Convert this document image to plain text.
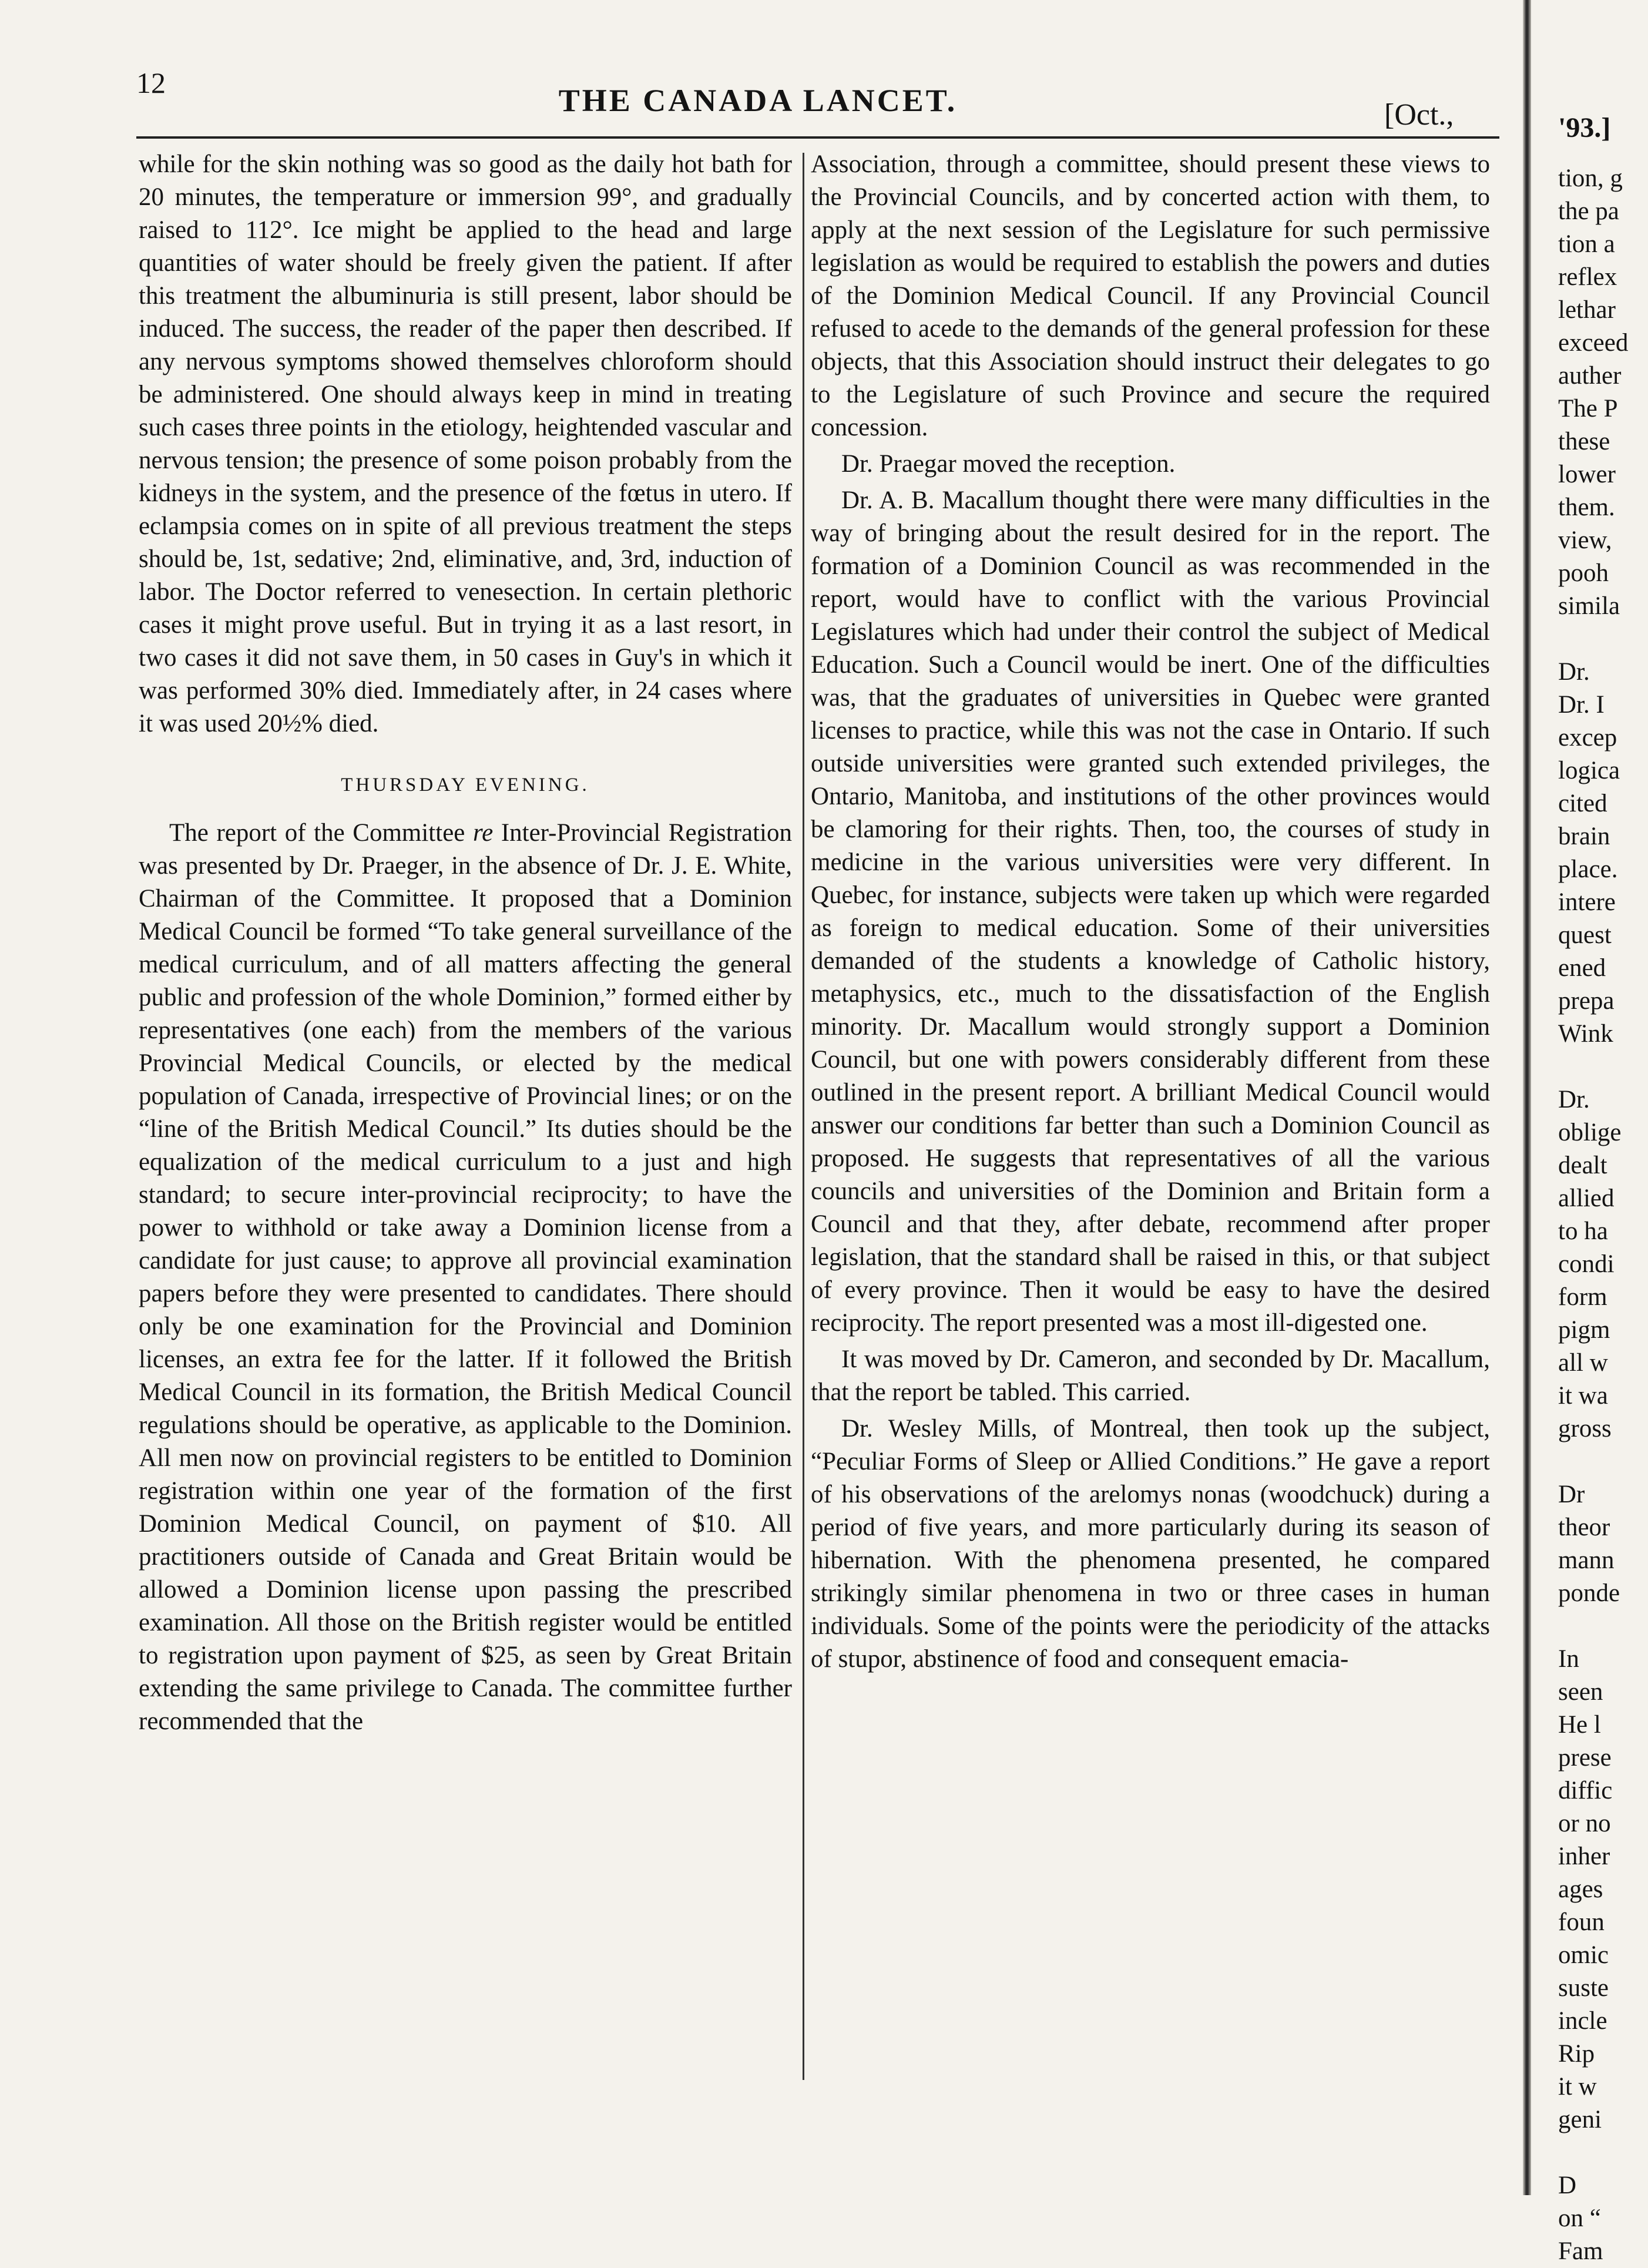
12	THE CANADA LANCET.	[Oct.,

while for the skin nothing was so good as the daily hot bath for 20 minutes, the temperature or immersion 99°, and gradually raised to 112°. Ice might be applied to the head and large quantities of water should be freely given the patient. If after this treatment the albuminuria is still present, labor should be induced. The success, the reader of the paper then described. If any nervous symptoms showed themselves chloroform should be administered. One should always keep in mind in treating such cases three points in the etiology, heightended vascular and nervous tension; the presence of some poison probably from the kidneys in the system, and the presence of the fœtus in utero. If eclampsia comes on in spite of all previous treatment the steps should be, 1st, sedative; 2nd, eliminative, and, 3rd, induction of labor. The Doctor referred to venesection. In certain plethoric cases it might prove useful. But in trying it as a last resort, in two cases it did not save them, in 50 cases in Guy's in which it was performed 30% died. Immediately after, in 24 cases where it was used 20½% died.

THURSDAY EVENING.

The report of the Committee re Inter-Provincial Registration was presented by Dr. Praeger, in the absence of Dr. J. E. White, Chairman of the Committee. It proposed that a Dominion Medical Council be formed “To take general surveillance of the medical curriculum, and of all matters affecting the general public and profession of the whole Dominion,” formed either by representatives (one each) from the members of the various Provincial Medical Councils, or elected by the medical population of Canada, irrespective of Provincial lines; or on the “line of the British Medical Council.” Its duties should be the equalization of the medical curriculum to a just and high standard; to secure inter-provincial reciprocity; to have the power to withhold or take away a Dominion license from a candidate for just cause; to approve all provincial examination papers before they were presented to candidates. There should only be one examination for the Provincial and Dominion licenses, an extra fee for the latter. If it followed the British Medical Council in its formation, the British Medical Council regulations should be operative, as applicable to the Dominion. All men now on provincial registers to be entitled to Dominion registration within one year of the formation of the first Dominion Medical Council, on payment of $10. All practitioners outside of Canada and Great Britain would be allowed a Dominion license upon passing the prescribed examination. All those on the British register would be entitled to registration upon payment of $25, as seen by Great Britain extending the same privilege to Canada. The committee further recommended that the

Association, through a committee, should present these views to the Provincial Councils, and by concerted action with them, to apply at the next session of the Legislature for such permissive legislation as would be required to establish the powers and duties of the Dominion Medical Council. If any Provincial Council refused to acede to the demands of the general profession for these objects, that this Association should instruct their delegates to go to the Legislature of such Province and secure the required concession.

Dr. Praegar moved the reception.

Dr. A. B. Macallum thought there were many difficulties in the way of bringing about the result desired for in the report. The formation of a Dominion Council as was recommended in the report, would have to conflict with the various Provincial Legislatures which had under their control the subject of Medical Education. Such a Council would be inert. One of the difficulties was, that the graduates of universities in Quebec were granted licenses to practice, while this was not the case in Ontario. If such outside universities were granted such extended privileges, the Ontario, Manitoba, and institutions of the other provinces would be clamoring for their rights. Then, too, the courses of study in medicine in the various universities were very different. In Quebec, for instance, subjects were taken up which were regarded as foreign to medical education. Some of their universities demanded of the students a knowledge of Catholic history, metaphysics, etc., much to the dissatisfaction of the English minority. Dr. Macallum would strongly support a Dominion Council, but one with powers considerably different from these outlined in the present report. A brilliant Medical Council would answer our conditions far better than such a Dominion Council as proposed. He suggests that representatives of all the various councils and universities of the Dominion and Britain form a Council and that they, after debate, recommend after proper legislation, that the standard shall be raised in this, or that subject of every province. Then it would be easy to have the desired reciprocity. The report presented was a most ill-digested one.

It was moved by Dr. Cameron, and seconded by Dr. Macallum, that the report be tabled. This carried.

Dr. Wesley Mills, of Montreal, then took up the subject, “Peculiar Forms of Sleep or Allied Conditions.” He gave a report of his observations of the arelomys nonas (woodchuck) during a period of five years, and more particularly during its season of hibernation. With the phenomena presented, he compared strikingly similar phenomena in two or three cases in human individuals. Some of the points were the periodicity of the attacks of stupor, abstinence of food and consequent emacia-

'93.]
tion, g
the pa
tion a
reflex
lethar
exceed
auther
The P
these
lower
them.
view,
pooh
simila

Dr.
Dr. I
excep
logica
cited
brain
place.
intere
quest
ened
prepa
Wink

Dr.
oblige
dealt
allied
to ha
condi
form
pigm
all w
it wa
gross

Dr
theor
mann
ponde

In
seen
He l
prese
diffic
or no
inher
ages
foun
omic
suste
incle
Rip
it w
geni

D
on “
Fam
